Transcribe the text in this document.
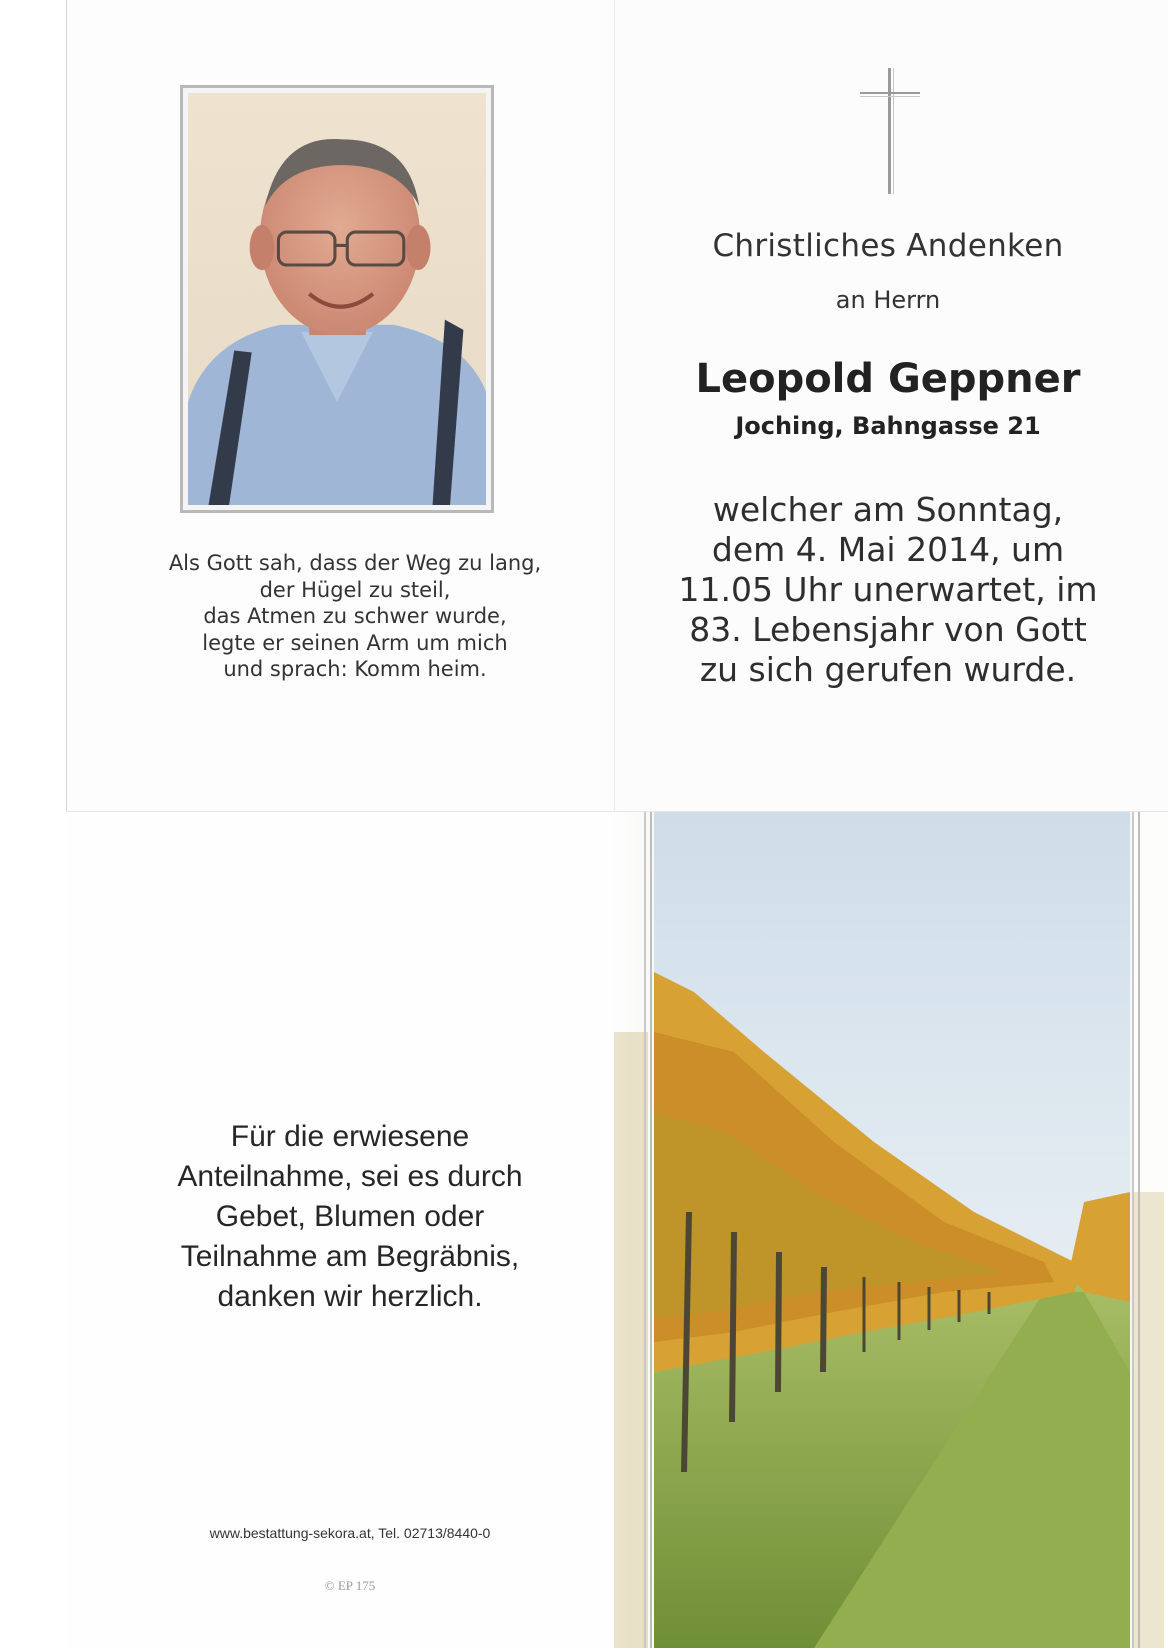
Als Gott sah, dass der Weg zu lang,
der Hügel zu steil,
das Atmen zu schwer wurde,
legte er seinen Arm um mich
und sprach: Komm heim.
Christliches Andenken
an Herrn
Leopold Geppner
Joching, Bahngasse 21
welcher am Sonntag,
dem 4. Mai 2014, um
11.05 Uhr unerwartet, im
83. Lebensjahr von Gott
zu sich gerufen wurde.
Für die erwiesene
Anteilnahme, sei es durch
Gebet, Blumen oder
Teilnahme am Begräbnis,
danken wir herzlich.
www.bestattung-sekora.at, Tel. 02713/8440-0
© EP 175
